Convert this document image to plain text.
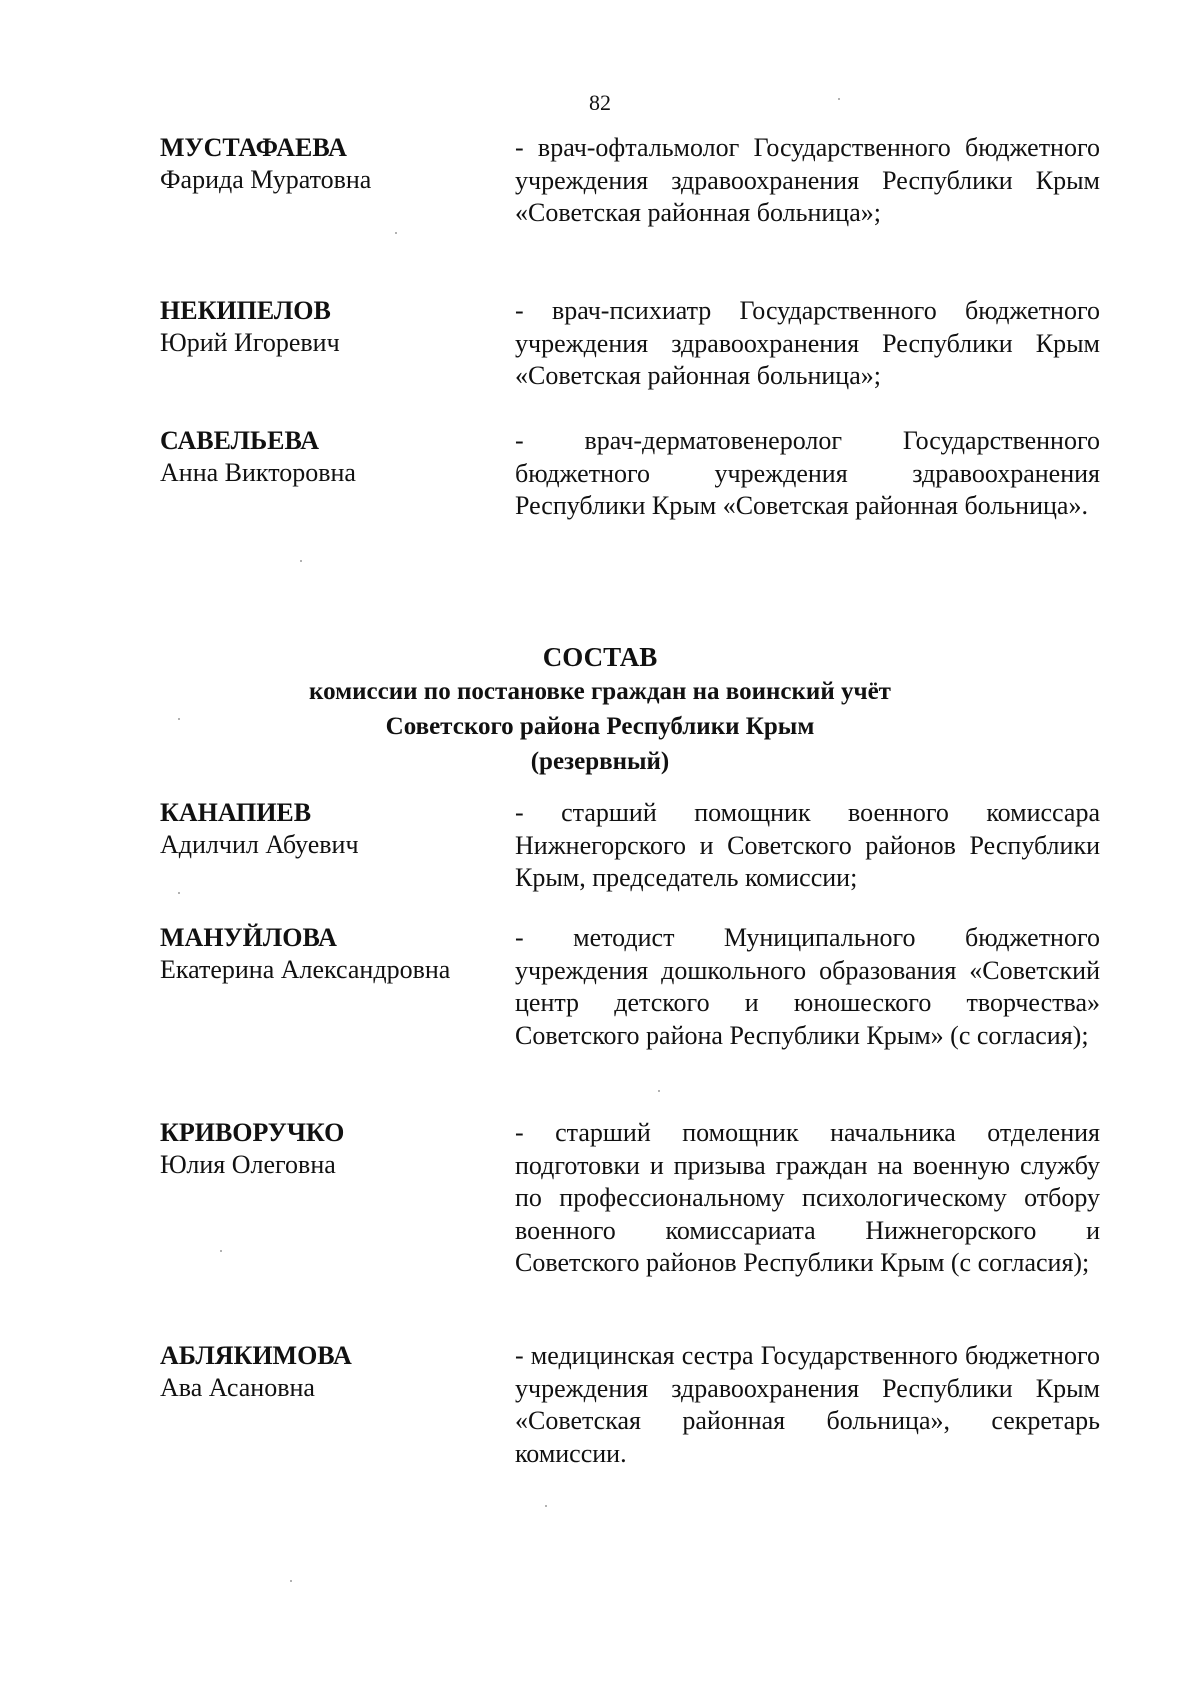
82
МУСТАФАЕВА
Фарида Муратовна
- врач-офтальмолог Государственного бюджетного учреждения здравоохранения Республики Крым «Советская районная больница»;
НЕКИПЕЛОВ
Юрий Игоревич
- врач-психиатр Государственного бюджетного учреждения здравоохранения Республики Крым «Советская районная больница»;
САВЕЛЬЕВА
Анна Викторовна
- врач-дерматовенеролог Государственного бюджетного учреждения здравоохранения Республики Крым «Советская районная больница».
СОСТАВ
комиссии по постановке граждан на воинский учёт
Советского района Республики Крым
(резервный)
КАНАПИЕВ
Адилчил Абуевич
- старший помощник военного комиссара Нижнегорского и Советского районов Республики Крым, председатель комиссии;
МАНУЙЛОВА
Екатерина Александровна
- методист Муниципального бюджетного учреждения дошкольного образования «Советский центр детского и юношеского творчества» Советского района Республики Крым» (с согласия);
КРИВОРУЧКО
Юлия Олеговна
- старший помощник начальника отделения подготовки и призыва граждан на военную службу по профессиональному психологическому отбору военного комиссариата Нижнегорского и Советского районов Республики Крым (с согласия);
АБЛЯКИМОВА
Ава Асановна
- медицинская сестра Государственного бюджетного учреждения здравоохранения Республики Крым «Советская районная больница», секретарь комиссии.
